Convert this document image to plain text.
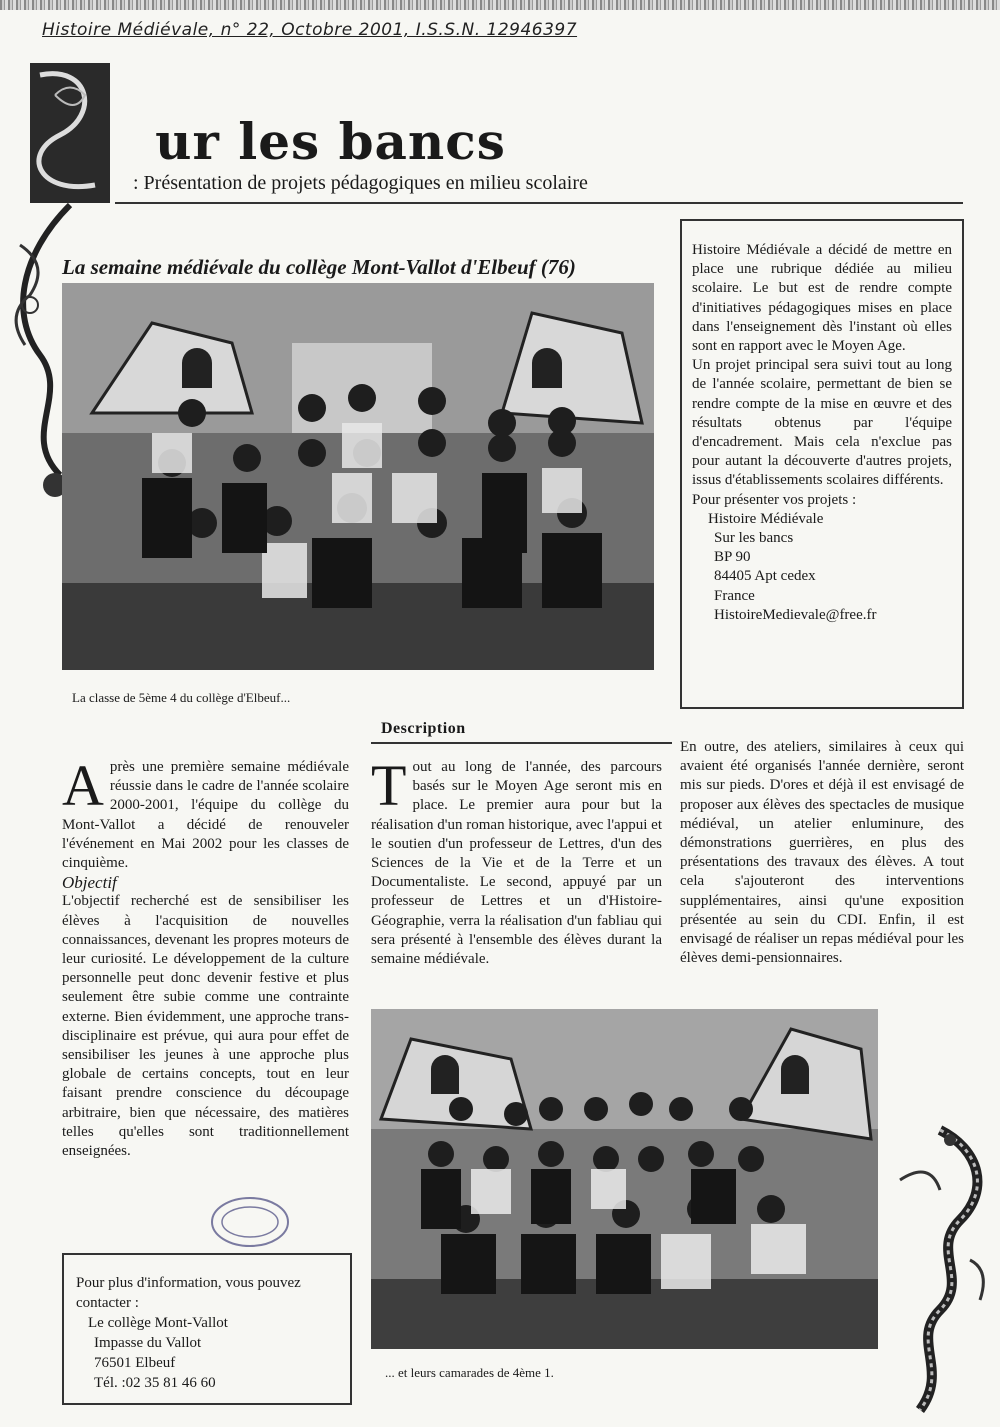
Histoire Médiévale, n° 22, Octobre 2001, I.S.S.N. 12946397
ur les bancs
: Présentation de projets pédagogiques en milieu scolaire
La semaine médiévale du collège Mont-Vallot d'Elbeuf (76)
La classe de 5ème 4 du collège d'Elbeuf...

Histoire Médiévale a décidé de mettre en place une rubrique dédiée au milieu scolaire. Le but est de rendre compte d'initiatives pédagogiques mises en place dans l'enseignement dès l'instant où elles sont en rapport avec le Moyen Age.

Un projet principal sera suivi tout au long de l'année scolaire, permettant de bien se rendre compte de la mise en œuvre et des résultats obtenus par l'équipe d'encadrement. Mais cela n'exclue pas pour autant la découverte d'autres projets, issus d'établissements scolaires différents.

Pour présenter vos projets :

Histoire Médiévale
Sur les bancs
BP 90
84405 Apt cedex
France
HistoireMedievale@free.fr

Après une première semaine médiévale réussie dans le cadre de l'année scolaire 2000-2001, l'équipe du collège du Mont-Vallot a décidé de renouveler l'événement en Mai 2002 pour les classes de cinquième.

Objectif

L'objectif recherché est de sensibiliser les élèves à l'acquisition de nouvelles connaissances, devenant les propres moteurs de leur curiosité. Le développement de la culture personnelle peut donc devenir festive et plus seulement être subie comme une contrainte externe. Bien évidemment, une approche trans-disciplinaire est prévue, qui aura pour effet de sensibiliser les jeunes à une approche plus globale de certains concepts, tout en leur faisant prendre conscience du découpage arbitraire, bien que nécessaire, des matières telles qu'elles sont traditionnellement enseignées.

Description

Tout au long de l'année, des parcours basés sur le Moyen Age seront mis en place. Le premier aura pour but la réalisation d'un roman historique, avec l'appui et le soutien d'un professeur de Lettres, d'un des Sciences de la Vie et de la Terre et un Documentaliste. Le second, appuyé par un professeur de Lettres et un d'Histoire-Géographie, verra la réalisation d'un fabliau qui sera présenté à l'ensemble des élèves durant la semaine médiévale.

En outre, des ateliers, similaires à ceux qui avaient été organisés l'année dernière, seront mis sur pieds. D'ores et déjà il est envisagé de proposer aux élèves des spectacles de musique médiéval, un atelier enluminure, des démonstrations guerrières, en plus des présentations des travaux des élèves. A tout cela s'ajouteront des interventions supplémentaires, ainsi qu'une exposition présentée au sein du CDI. Enfin, il est envisagé de réaliser un repas médiéval pour les élèves demi-pensionnaires.

... et leurs camarades de 4ème 1.
Pour plus d'information, vous pouvez contacter :
Le collège Mont-Vallot
Impasse du Vallot
76501 Elbeuf
Tél. :02 35 81 46 60
